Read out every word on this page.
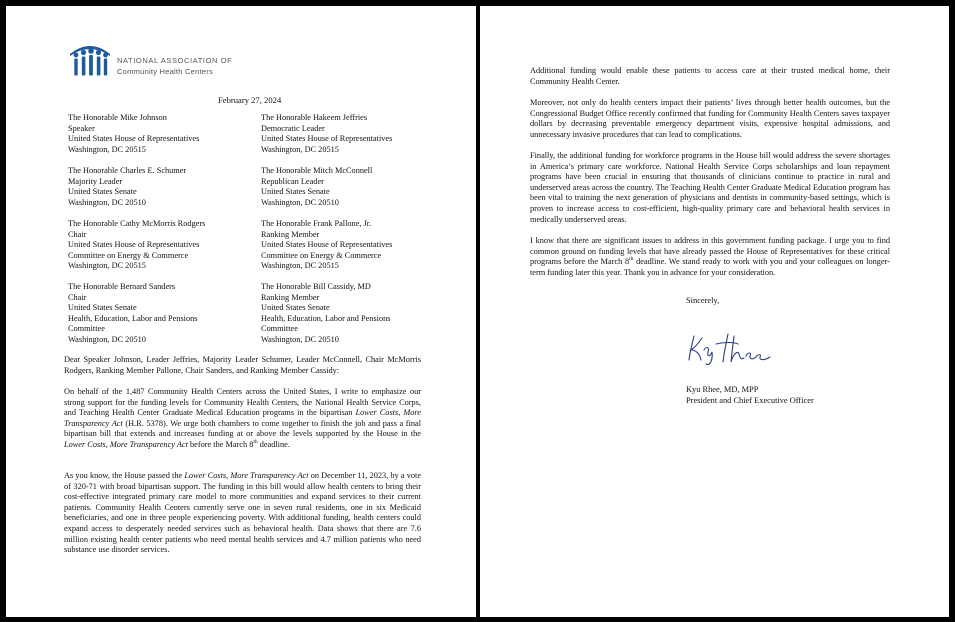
NATIONAL ASSOCIATION OF
Community Health Centers
February 27, 2024
The Honorable Mike Johnson
Speaker
United States House of Representatives
Washington, DC 20515
The Honorable Hakeem Jeffries
Democratic Leader
United States House of Representatives
Washington, DC 20515
The Honorable Charles E. Schumer
Majority Leader
United States Senate
Washington, DC 20510
The Honorable Mitch McConnell
Republican Leader
United States Senate
Washington, DC 20510
The Honorable Cathy McMorris Rodgers
Chair
United States House of Representatives
Committee on Energy & Commerce
Washington, DC 20515
The Honorable Frank Pallone, Jr.
Ranking Member
United States House of Representatives
Committee on Energy & Commerce
Washington, DC 20515
The Honorable Bernard Sanders
Chair
United States Senate
Health, Education, Labor and Pensions
Committee
Washington, DC 20510
The Honorable Bill Cassidy, MD
Ranking Member
United States Senate
Health, Education, Labor and Pensions
Committee
Washington, DC 20510
Dear Speaker Johnson, Leader Jeffries, Majority Leader Schumer, Leader McConnell, Chair McMorris Rodgers, Ranking Member Pallone, Chair Sanders, and Ranking Member Cassidy:
On behalf of the 1,487 Community Health Centers across the United States, I write to emphasize our strong support for the funding levels for Community Health Centers, the National Health Service Corps, and Teaching Health Center Graduate Medical Education programs in the bipartisan Lower Costs, More Transparency Act (H.R. 5378). We urge both chambers to come together to finish the job and pass a final bipartisan bill that extends and increases funding at or above the levels supported by the House in the Lower Costs, More Transparency Act before the March 8th deadline.
As you know, the House passed the Lower Costs, More Transparency Act on December 11, 2023, by a vote of 320-71 with broad bipartisan support. The funding in this bill would allow health centers to bring their cost-effective integrated primary care model to more communities and expand services to their current patients. Community Health Centers currently serve one in seven rural residents, one in six Medicaid beneficiaries, and one in three people experiencing poverty. With additional funding, health centers could expand access to desperately needed services such as behavioral health. Data shows that there are 7.6 million existing health center patients who need mental health services and 4.7 million patients who need substance use disorder services.
Additional funding would enable these patients to access care at their trusted medical home, their Community Health Center.
Moreover, not only do health centers impact their patients’ lives through better health outcomes, but the Congressional Budget Office recently confirmed that funding for Community Health Centers saves taxpayer dollars by decreasing preventable emergency department visits, expensive hospital admissions, and unnecessary invasive procedures that can lead to complications.
Finally, the additional funding for workforce programs in the House bill would address the severe shortages in America’s primary care workforce. National Health Service Corps scholarships and loan repayment programs have been crucial in ensuring that thousands of clinicians continue to practice in rural and underserved areas across the country. The Teaching Health Center Graduate Medical Education program has been vital to training the next generation of physicians and dentists in community-based settings, which is proven to increase access to cost-efficient, high-quality primary care and behavioral health services in medically underserved areas.
I know that there are significant issues to address in this government funding package. I urge you to find common ground on funding levels that have already passed the House of Representatives for these critical programs before the March 8th deadline. We stand ready to work with you and your colleagues on longer-term funding later this year. Thank you in advance for your consideration.
Sincerely,
Kyu Rhee, MD, MPP
President and Chief Executive Officer
